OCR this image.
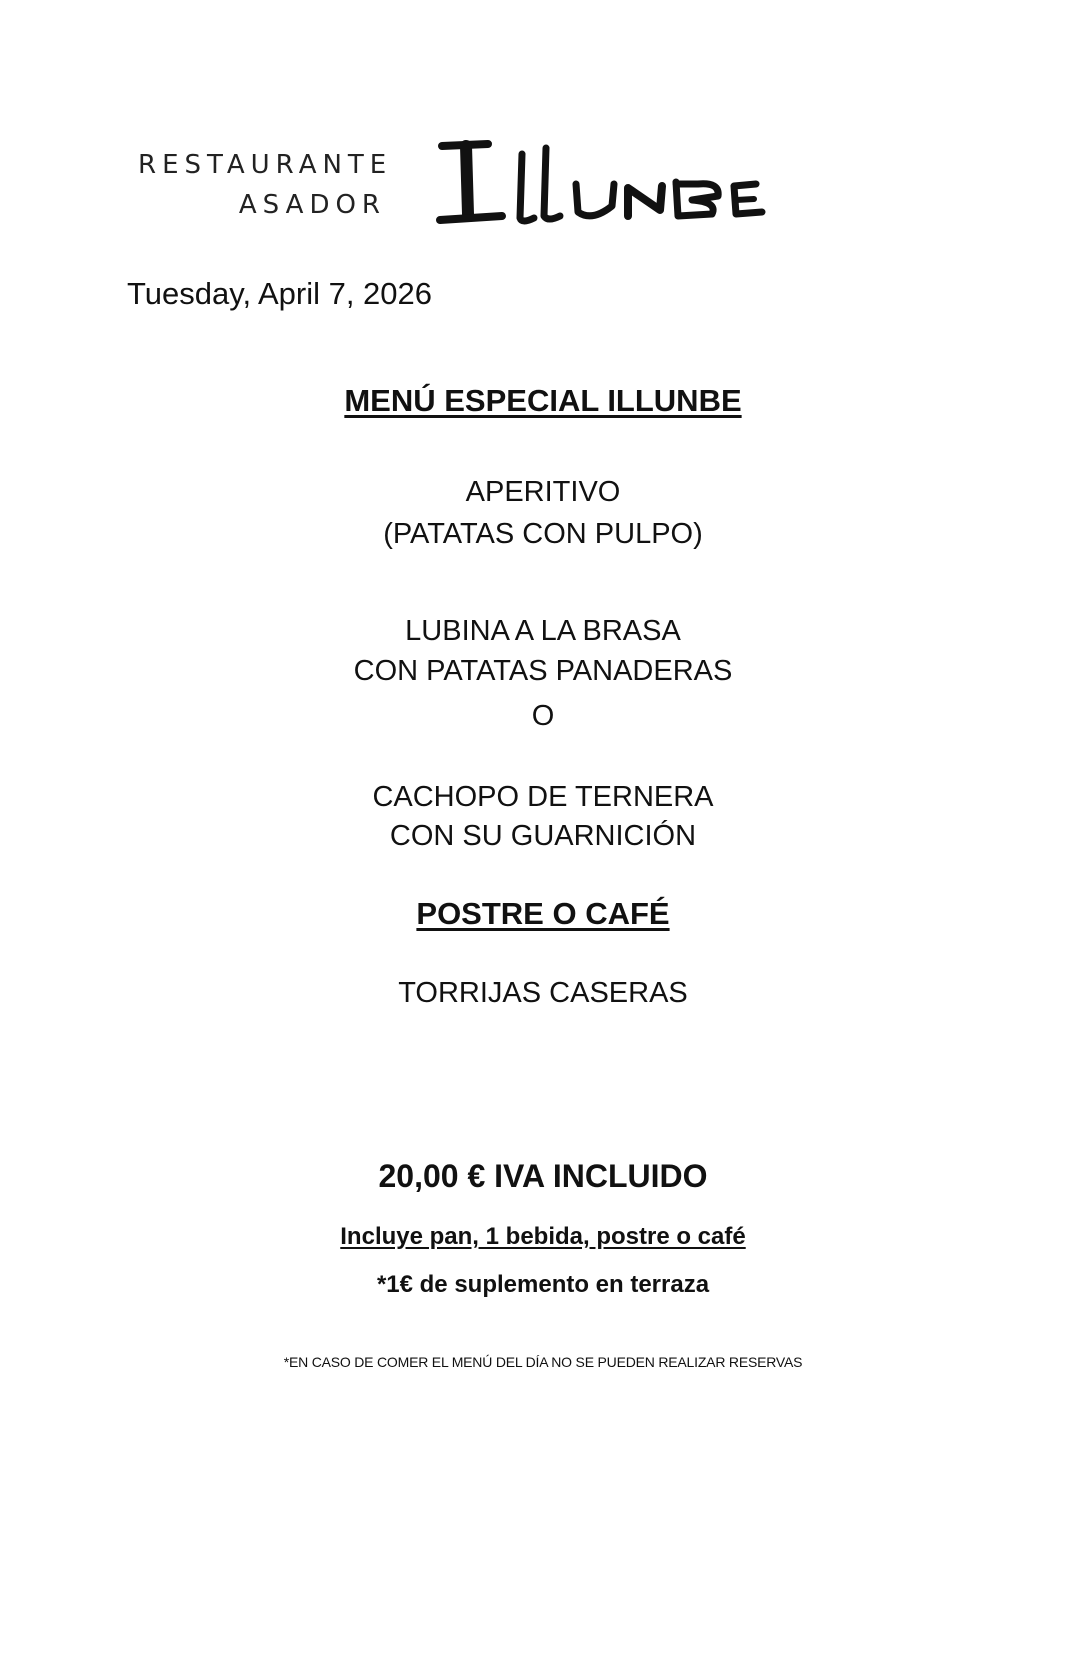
RESTAURANTE
ASADOR
Tuesday, April 7, 2026
MENÚ ESPECIAL ILLUNBE
APERITIVO
(PATATAS CON PULPO)
LUBINA A LA BRASA
CON PATATAS PANADERAS
O
CACHOPO DE TERNERA
CON SU GUARNICIÓN
POSTRE O CAFÉ
TORRIJAS CASERAS
20,00 € IVA INCLUIDO
Incluye pan, 1 bebida, postre o café
*1€ de suplemento en terraza
*EN CASO DE COMER EL MENÚ DEL DÍA NO SE PUEDEN REALIZAR RESERVAS
